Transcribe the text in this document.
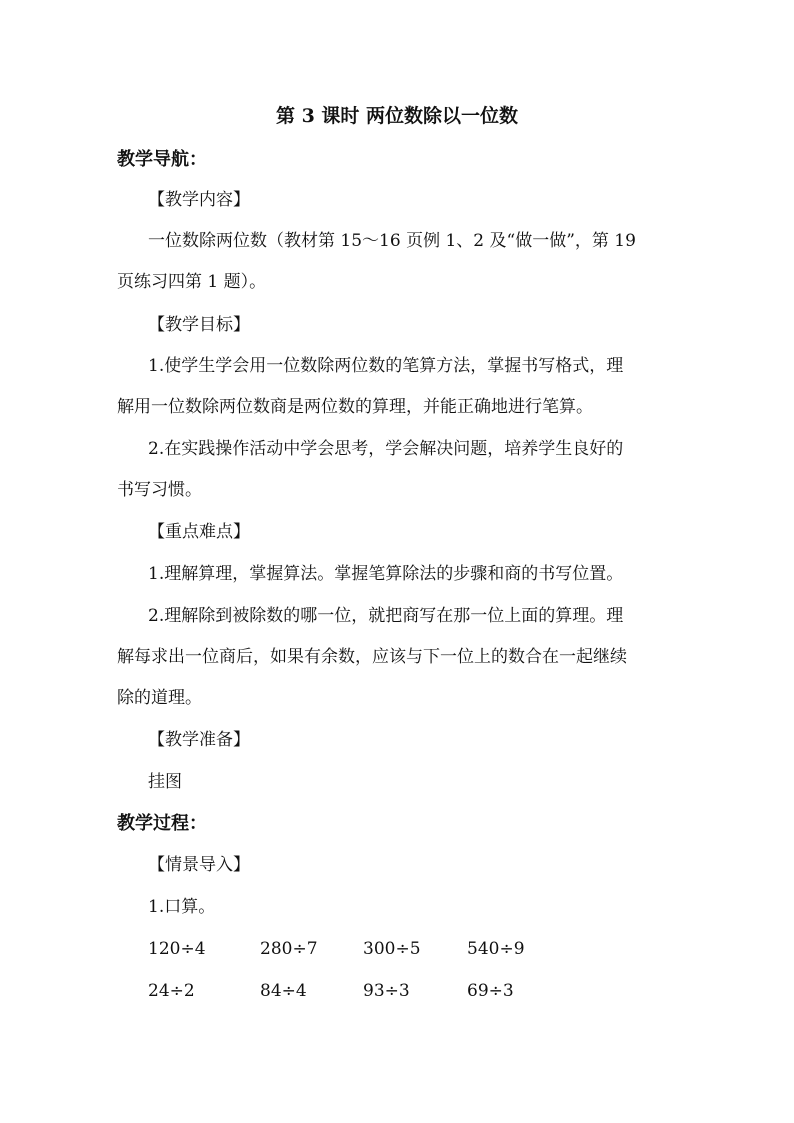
第 3 课时 两位数除以一位数
教学导航：
【教学内容】
一位数除两位数（教材第 15～16 页例 1、2 及“做一做”，第 19
页练习四第 1 题）。
【教学目标】
1.使学生学会用一位数除两位数的笔算方法，掌握书写格式，理
解用一位数除两位数商是两位数的算理，并能正确地进行笔算。
2.在实践操作活动中学会思考，学会解决问题，培养学生良好的
书写习惯。
【重点难点】
1.理解算理，掌握算法。掌握笔算除法的步骤和商的书写位置。
2.理解除到被除数的哪一位，就把商写在那一位上面的算理。理
解每求出一位商后，如果有余数，应该与下一位上的数合在一起继续
除的道理。
【教学准备】
挂图
教学过程：
【情景导入】
1.口算。
120÷4	280÷7	300÷5	540÷9
24÷2	84÷4	93÷3	69÷3
